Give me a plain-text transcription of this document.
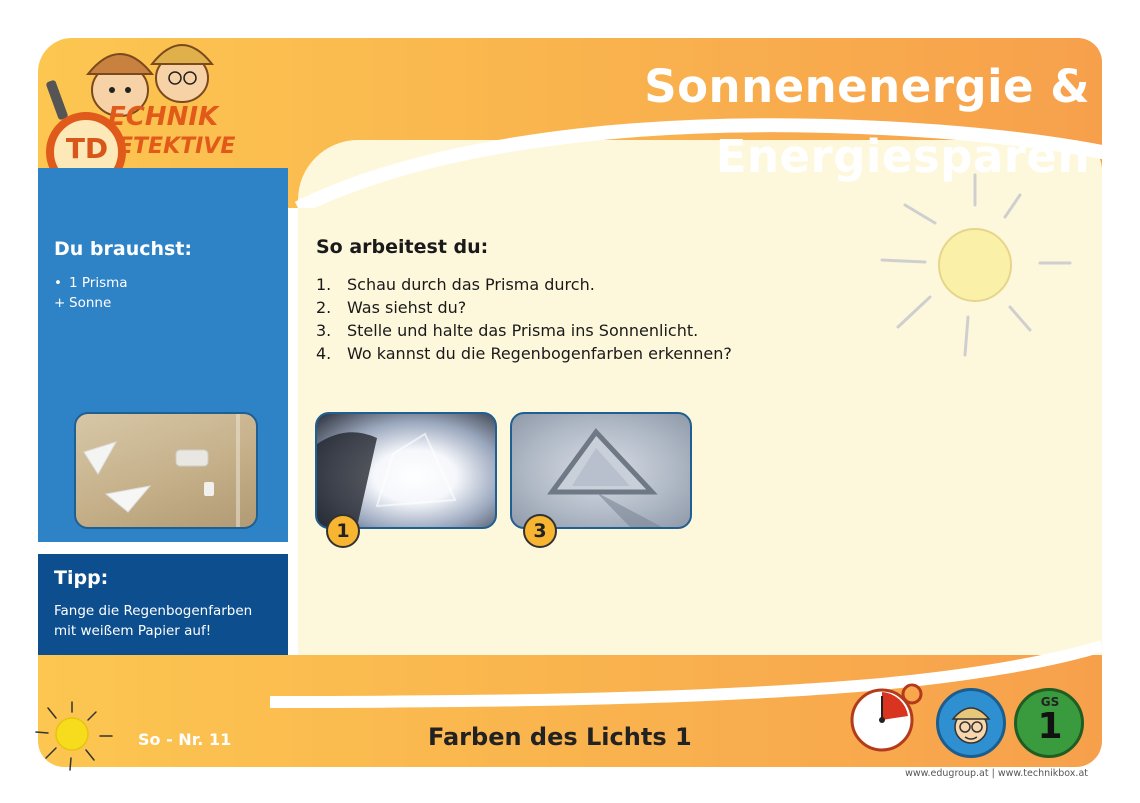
TD
ECHNIK
ETEKTIVE
Sonnenenergie & Energiesparen
Du brauchst:
• 1 Prisma
+ Sonne
Tipp:
Fange die Regenbogenfarben
mit weißem Papier auf!
So arbeitest du:
1. Schau durch das Prisma durch.
2. Was siehst du?
3. Stelle und halte das Prisma ins Sonnenlicht.
4. Wo kannst du die Regenbogenfarben erkennen?
1	3
So - Nr. 11	Farben des Lichts 1
GS
1
www.edugroup.at | www.technikbox.at
